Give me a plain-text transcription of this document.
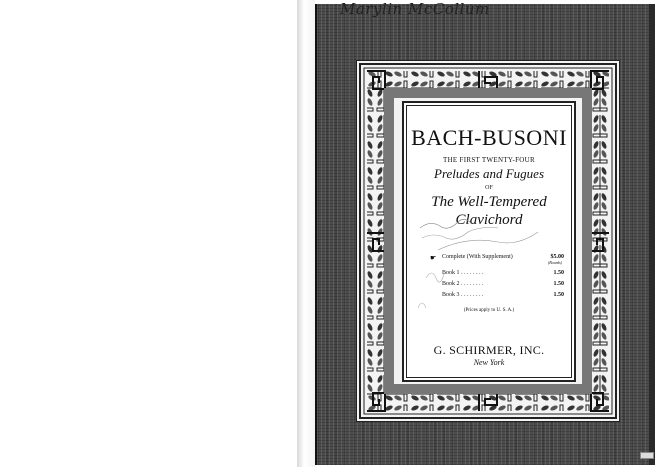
Marylin McCollum
BACH-BUSONI
THE FIRST TWENTY-FOUR
Preludes and Fugues
OF
The Well-Tempered
Clavichord
☛ Complete (With Supplement)	$5.00
(Boards)
Book 1 . . . . . . . .	1.50
Book 2 . . . . . . . .	1.50
Book 3 . . . . . . . .	1.50
(Prices apply to U. S. A.)
G. SCHIRMER, INC.
New York
